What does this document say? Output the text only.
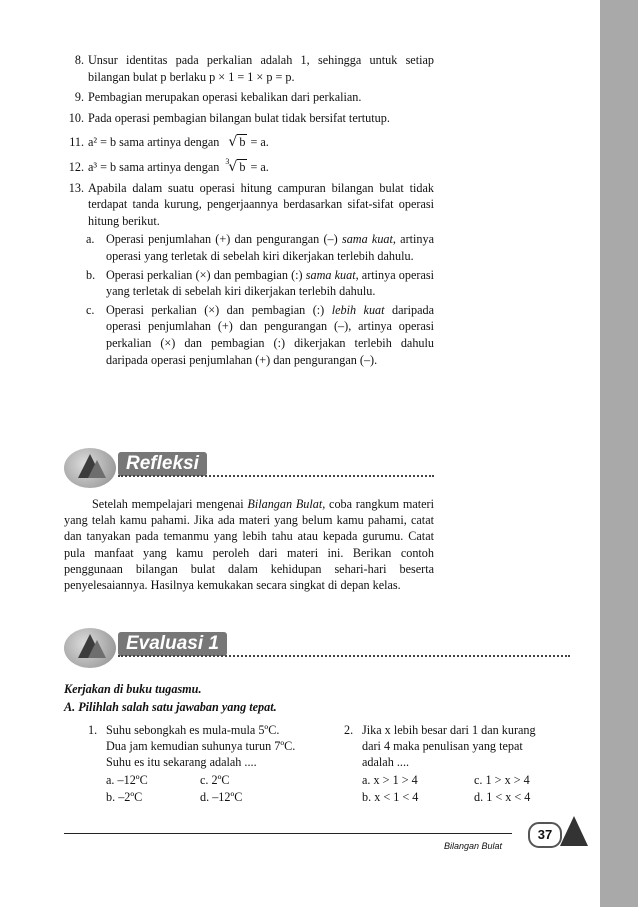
8. Unsur identitas pada perkalian adalah 1, sehingga untuk setiap bilangan bulat p berlaku p × 1 = 1 × p = p.
9. Pembagian merupakan operasi kebalikan dari perkalian.
10. Pada operasi pembagian bilangan bulat tidak bersifat tertutup.
11. a² = b sama artinya dengan √ b = a.
12. a³ = b sama artinya dengan 3 √ b = a.
13. Apabila dalam suatu operasi hitung campuran bilangan bulat tidak terdapat tanda kurung, pengerjaannya berdasarkan sifat-sifat operasi hitung berikut.
a. Operasi penjumlahan (+) dan pengurangan (–) sama kuat, artinya operasi yang terletak di sebelah kiri dikerjakan terlebih dahulu.
b. Operasi perkalian (×) dan pembagian (:) sama kuat, artinya operasi yang terletak di sebelah kiri dikerjakan terlebih dahulu.
c. Operasi perkalian (×) dan pembagian (:) lebih kuat daripada operasi penjumlahan (+) dan pengurangan (–), artinya operasi perkalian (×) dan pembagian (:) dikerjakan terlebih dahulu daripada operasi penjumlahan (+) dan pengurangan (–).
Refleksi
Setelah mempelajari mengenai Bilangan Bulat, coba rangkum materi yang telah kamu pahami. Jika ada materi yang belum kamu pahami, catat dan tanyakan pada temanmu yang lebih tahu atau kepada gurumu. Catat pula manfaat yang kamu peroleh dari materi ini. Berikan contoh penggunaan bilangan bulat dalam kehidupan sehari-hari beserta penyelesaiannya. Hasilnya kemukakan secara singkat di depan kelas.
Evaluasi 1
Kerjakan di buku tugasmu.
A. Pilihlah salah satu jawaban yang tepat.
1. Suhu sebongkah es mula-mula 5ºC.
Dua jam kemudian suhunya turun 7ºC.
Suhu es itu sekarang adalah ....
a. –12ºC	c. 2ºC
b. –2ºC	d. –12ºC
2. Jika x lebih besar dari 1 dan kurang
dari 4 maka penulisan yang tepat
adalah ....
a. x > 1 > 4	c. 1 > x > 4
b. x < 1 < 4	d. 1 < x < 4
Bilangan Bulat
37
